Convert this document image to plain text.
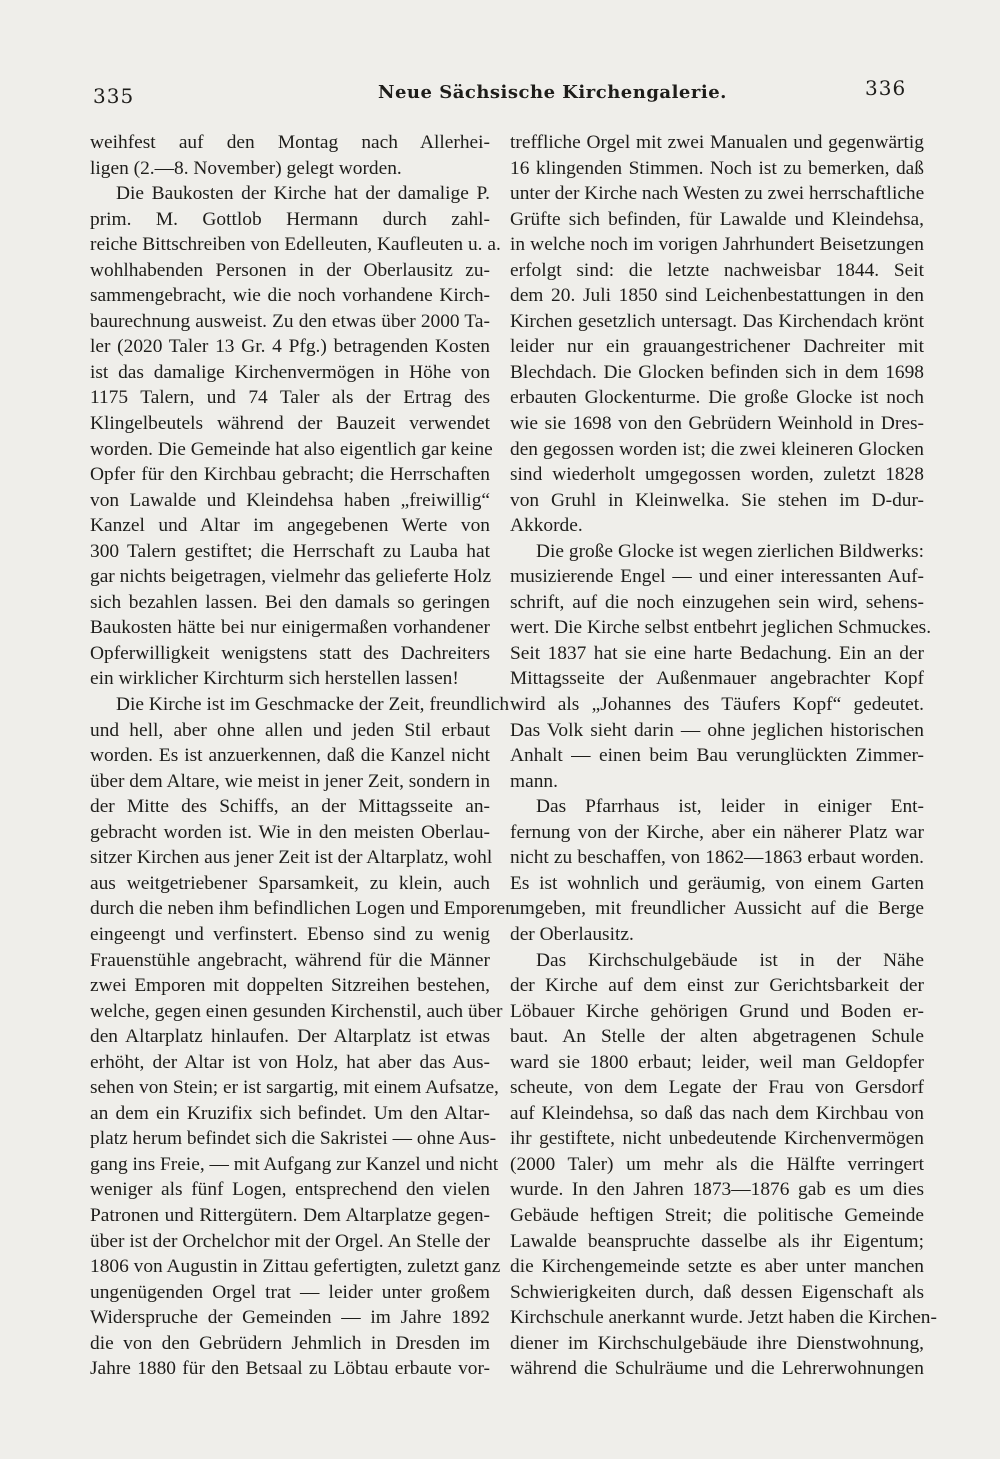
335	Neue Sächsische Kirchengalerie.	336
weihfest auf den Montag nach Allerhei-
ligen (2.—8. November) gelegt worden.
Die Baukosten der Kirche hat der damalige P.
prim. M. Gottlob Hermann durch zahl-
reiche Bittschreiben von Edelleuten, Kaufleuten u. a.
wohlhabenden Personen in der Oberlausitz zu-
sammengebracht, wie die noch vorhandene Kirch-
baurechnung ausweist. Zu den etwas über 2000 Ta-
ler (2020 Taler 13 Gr. 4 Pfg.) betragenden Kosten
ist das damalige Kirchenvermögen in Höhe von
1175 Talern, und 74 Taler als der Ertrag des
Klingelbeutels während der Bauzeit verwendet
worden. Die Gemeinde hat also eigentlich gar keine
Opfer für den Kirchbau gebracht; die Herrschaften
von Lawalde und Kleindehsa haben „freiwillig“
Kanzel und Altar im angegebenen Werte von
300 Talern gestiftet; die Herrschaft zu Lauba hat
gar nichts beigetragen, vielmehr das gelieferte Holz
sich bezahlen lassen. Bei den damals so geringen
Baukosten hätte bei nur einigermaßen vorhandener
Opferwilligkeit wenigstens statt des Dachreiters
ein wirklicher Kirchturm sich herstellen lassen!
Die Kirche ist im Geschmacke der Zeit, freundlich
und hell, aber ohne allen und jeden Stil erbaut
worden. Es ist anzuerkennen, daß die Kanzel nicht
über dem Altare, wie meist in jener Zeit, sondern in
der Mitte des Schiffs, an der Mittagsseite an-
gebracht worden ist. Wie in den meisten Oberlau-
sitzer Kirchen aus jener Zeit ist der Altarplatz, wohl
aus weitgetriebener Sparsamkeit, zu klein, auch
durch die neben ihm befindlichen Logen und Emporen
eingeengt und verfinstert. Ebenso sind zu wenig
Frauenstühle angebracht, während für die Männer
zwei Emporen mit doppelten Sitzreihen bestehen,
welche, gegen einen gesunden Kirchenstil, auch über
den Altarplatz hinlaufen. Der Altarplatz ist etwas
erhöht, der Altar ist von Holz, hat aber das Aus-
sehen von Stein; er ist sargartig, mit einem Aufsatze,
an dem ein Kruzifix sich befindet. Um den Altar-
platz herum befindet sich die Sakristei — ohne Aus-
gang ins Freie, — mit Aufgang zur Kanzel und nicht
weniger als fünf Logen, entsprechend den vielen
Patronen und Rittergütern. Dem Altarplatze gegen-
über ist der Orchelchor mit der Orgel. An Stelle der
1806 von Augustin in Zittau gefertigten, zuletzt ganz
ungenügenden Orgel trat — leider unter großem
Widerspruche der Gemeinden — im Jahre 1892
die von den Gebrüdern Jehmlich in Dresden im
Jahre 1880 für den Betsaal zu Löbtau erbaute vor-
treffliche Orgel mit zwei Manualen und gegenwärtig
16 klingenden Stimmen. Noch ist zu bemerken, daß
unter der Kirche nach Westen zu zwei herrschaftliche
Grüfte sich befinden, für Lawalde und Kleindehsa,
in welche noch im vorigen Jahrhundert Beisetzungen
erfolgt sind: die letzte nachweisbar 1844. Seit
dem 20. Juli 1850 sind Leichenbestattungen in den
Kirchen gesetzlich untersagt. Das Kirchendach krönt
leider nur ein grauangestrichener Dachreiter mit
Blechdach. Die Glocken befinden sich in dem 1698
erbauten Glockenturme. Die große Glocke ist noch
wie sie 1698 von den Gebrüdern Weinhold in Dres-
den gegossen worden ist; die zwei kleineren Glocken
sind wiederholt umgegossen worden, zuletzt 1828
von Gruhl in Kleinwelka. Sie stehen im D-dur-
Akkorde.
Die große Glocke ist wegen zierlichen Bildwerks:
musizierende Engel — und einer interessanten Auf-
schrift, auf die noch einzugehen sein wird, sehens-
wert. Die Kirche selbst entbehrt jeglichen Schmuckes.
Seit 1837 hat sie eine harte Bedachung. Ein an der
Mittagsseite der Außenmauer angebrachter Kopf
wird als „Johannes des Täufers Kopf“ gedeutet.
Das Volk sieht darin — ohne jeglichen historischen
Anhalt — einen beim Bau verunglückten Zimmer-
mann.
Das Pfarrhaus ist, leider in einiger Ent-
fernung von der Kirche, aber ein näherer Platz war
nicht zu beschaffen, von 1862—1863 erbaut worden.
Es ist wohnlich und geräumig, von einem Garten
umgeben, mit freundlicher Aussicht auf die Berge
der Oberlausitz.
Das Kirchschulgebäude ist in der Nähe
der Kirche auf dem einst zur Gerichtsbarkeit der
Löbauer Kirche gehörigen Grund und Boden er-
baut. An Stelle der alten abgetragenen Schule
ward sie 1800 erbaut; leider, weil man Geldopfer
scheute, von dem Legate der Frau von Gersdorf
auf Kleindehsa, so daß das nach dem Kirchbau von
ihr gestiftete, nicht unbedeutende Kirchenvermögen
(2000 Taler) um mehr als die Hälfte verringert
wurde. In den Jahren 1873—1876 gab es um dies
Gebäude heftigen Streit; die politische Gemeinde
Lawalde beanspruchte dasselbe als ihr Eigentum;
die Kirchengemeinde setzte es aber unter manchen
Schwierigkeiten durch, daß dessen Eigenschaft als
Kirchschule anerkannt wurde. Jetzt haben die Kirchen-
diener im Kirchschulgebäude ihre Dienstwohnung,
während die Schulräume und die Lehrerwohnungen
